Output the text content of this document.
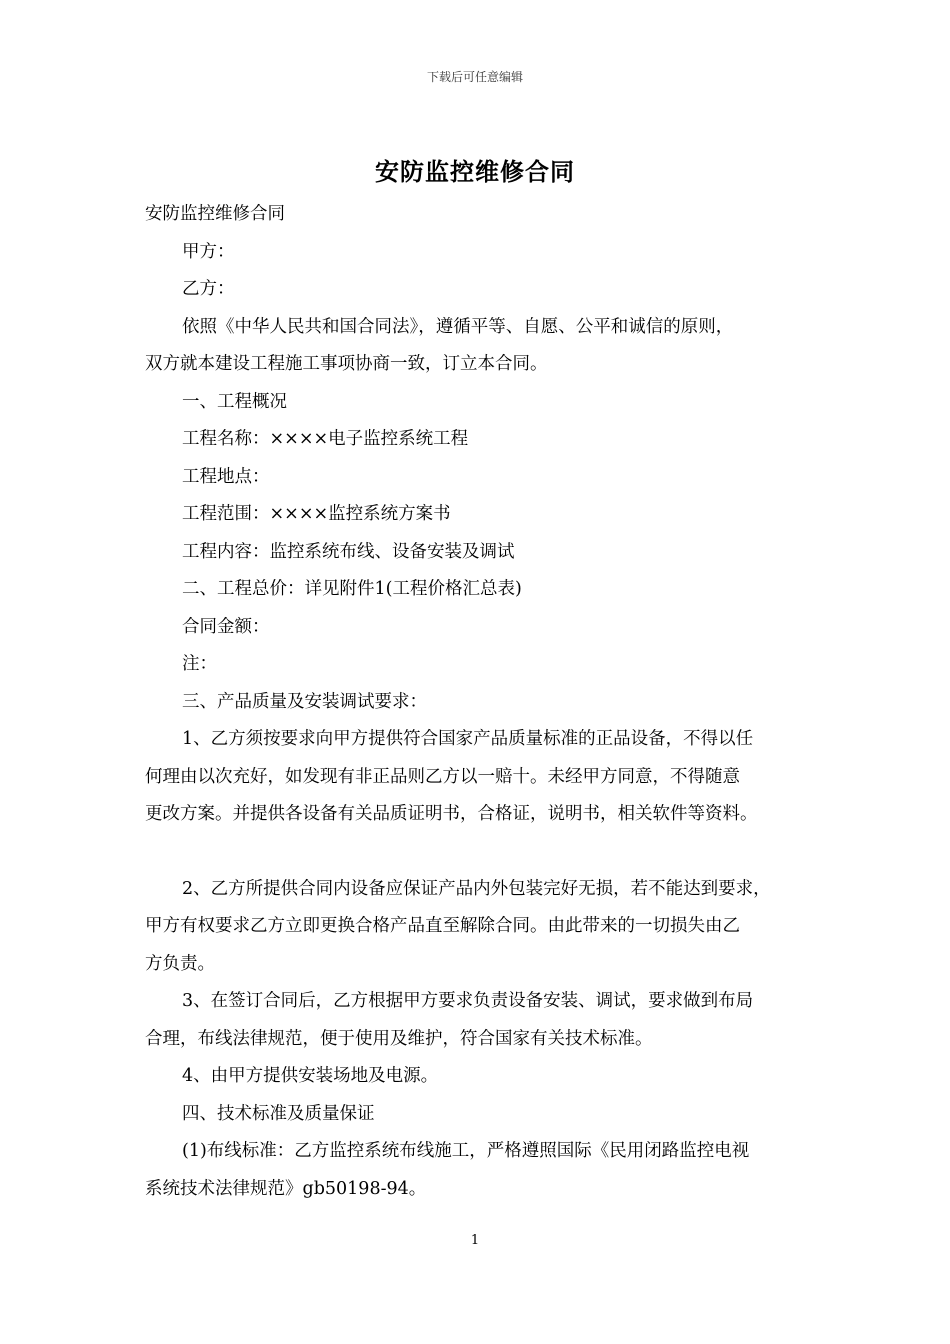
下载后可任意编辑
安防监控维修合同
安防监控维修合同
甲方：
乙方：
依照《中华人民共和国合同法》，遵循平等、自愿、公平和诚信的原则，
双方就本建设工程施工事项协商一致，订立本合同。
一、工程概况
工程名称：××××电子监控系统工程
工程地点：
工程范围：××××监控系统方案书
工程内容：监控系统布线、设备安装及调试
二、工程总价：详见附件1(工程价格汇总表)
合同金额：
注：
三、产品质量及安装调试要求：
1、乙方须按要求向甲方提供符合国家产品质量标准的正品设备，不得以任
何理由以次充好，如发现有非正品则乙方以一赔十。未经甲方同意，不得随意
更改方案。并提供各设备有关品质证明书，合格证，说明书，相关软件等资料。
2、乙方所提供合同内设备应保证产品内外包装完好无损，若不能达到要求，
甲方有权要求乙方立即更换合格产品直至解除合同。由此带来的一切损失由乙
方负责。
3、在签订合同后，乙方根据甲方要求负责设备安装、调试，要求做到布局
合理，布线法律规范，便于使用及维护，符合国家有关技术标准。
4、由甲方提供安装场地及电源。
四、技术标准及质量保证
(1)布线标准：乙方监控系统布线施工，严格遵照国际《民用闭路监控电视
系统技术法律规范》gb50198-94。
1
